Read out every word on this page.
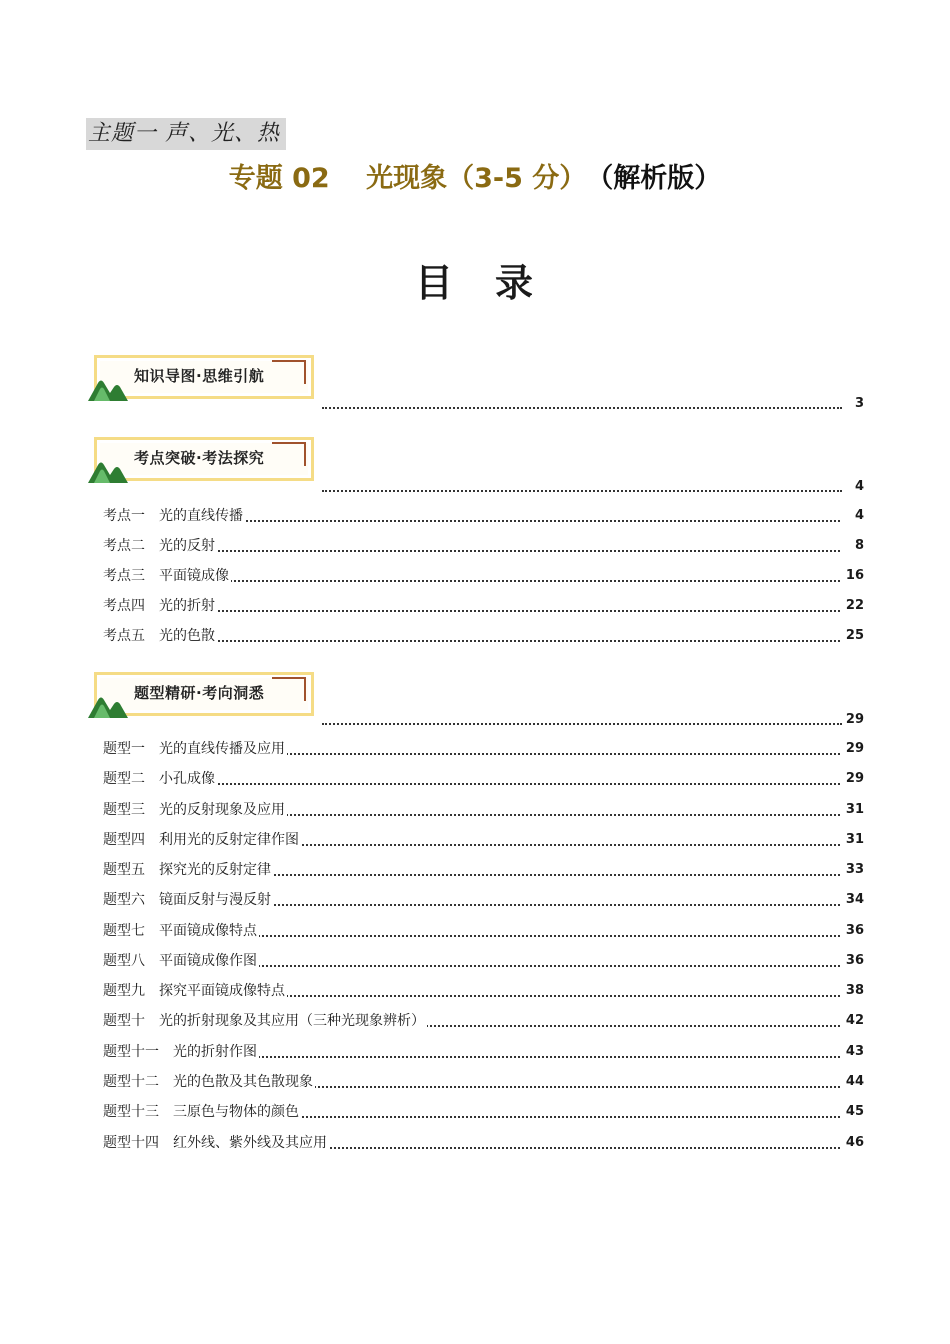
主题一 声、光、热
专题 02　 光现象（3-5 分）　 （解析版）
目　录
知识导图·思维引航
3
考点突破·考法探究
4
考点一　光的直线传播	4
考点二　光的反射	8
考点三　平面镜成像	16
考点四　光的折射	22
考点五　光的色散	25
题型精研·考向洞悉
29
题型一　光的直线传播及应用	29
题型二　小孔成像	29
题型三　光的反射现象及应用	31
题型四　利用光的反射定律作图	31
题型五　探究光的反射定律	33
题型六　镜面反射与漫反射	34
题型七　平面镜成像特点	36
题型八　平面镜成像作图	36
题型九　探究平面镜成像特点	38
题型十　光的折射现象及其应用（三种光现象辨析）	42
题型十一　光的折射作图	43
题型十二　光的色散及其色散现象	44
题型十三　三原色与物体的颜色	45
题型十四　红外线、紫外线及其应用	46
